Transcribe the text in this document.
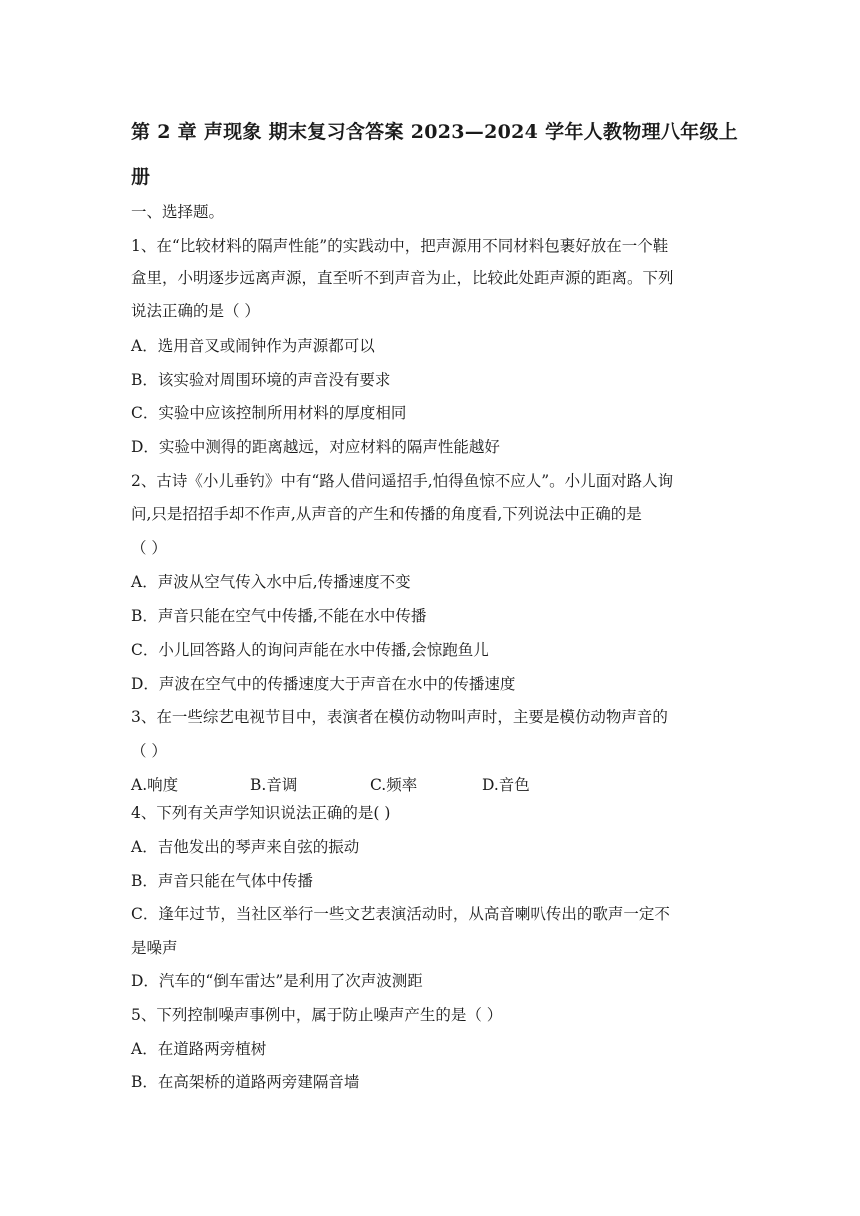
第 2 章 声现象 期末复习含答案 2023—2024 学年人教物理八年级上
册
一、选择题。
1、在“比较材料的隔声性能”的实践动中，把声源用不同材料包裹好放在一个鞋
盒里，小明逐步远离声源，直至听不到声音为止，比较此处距声源的距离。下列
说法正确的是（ ）
A．选用音叉或闹钟作为声源都可以
B．该实验对周围环境的声音没有要求
C．实验中应该控制所用材料的厚度相同
D．实验中测得的距离越远，对应材料的隔声性能越好
2、古诗《小儿垂钓》中有“路人借问遥招手,怕得鱼惊不应人”。小儿面对路人询
问,只是招招手却不作声,从声音的产生和传播的角度看,下列说法中正确的是
（ ）
A．声波从空气传入水中后,传播速度不变
B．声音只能在空气中传播,不能在水中传播
C．小儿回答路人的询问声能在水中传播,会惊跑鱼儿
D．声波在空气中的传播速度大于声音在水中的传播速度
3、在一些综艺电视节目中，表演者在模仿动物叫声时，主要是模仿动物声音的
（ ）
A.响度	B.音调	C.频率	D.音色
4、下列有关声学知识说法正确的是( )
A．吉他发出的琴声来自弦的振动
B．声音只能在气体中传播
C．逢年过节，当社区举行一些文艺表演活动时，从高音喇叭传出的歌声一定不
是噪声
D．汽车的“倒车雷达”是利用了次声波测距
5、下列控制噪声事例中，属于防止噪声产生的是（ ）
A．在道路两旁植树
B．在高架桥的道路两旁建隔音墙
